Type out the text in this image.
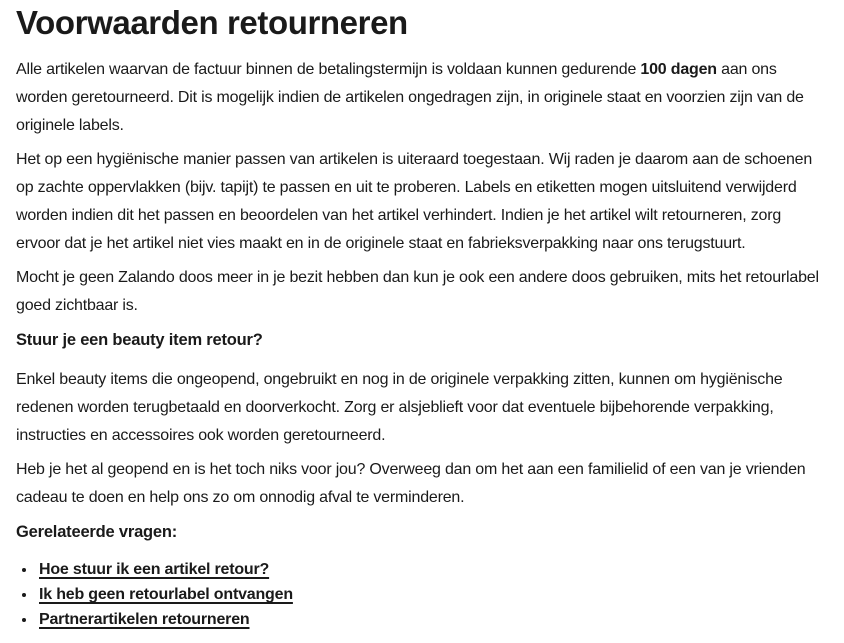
Voorwaarden retourneren

Alle artikelen waarvan de factuur binnen de betalingstermijn is voldaan kunnen gedurende 100 dagen aan ons worden geretourneerd. Dit is mogelijk indien de artikelen ongedragen zijn, in originele staat en voorzien zijn van de originele labels.

Het op een hygiënische manier passen van artikelen is uiteraard toegestaan. Wij raden je daarom aan de schoenen op zachte oppervlakken (bijv. tapijt) te passen en uit te proberen. Labels en etiketten mogen uitsluitend verwijderd worden indien dit het passen en beoordelen van het artikel verhindert. Indien je het artikel wilt retourneren, zorg ervoor dat je het artikel niet vies maakt en in de originele staat en fabrieksverpakking naar ons terugstuurt.

Mocht je geen Zalando doos meer in je bezit hebben dan kun je ook een andere doos gebruiken, mits het retourlabel goed zichtbaar is.

Stuur je een beauty item retour?

Enkel beauty items die ongeopend, ongebruikt en nog in de originele verpakking zitten, kunnen om hygiënische redenen worden terugbetaald en doorverkocht. Zorg er alsjeblieft voor dat eventuele bijbehorende verpakking, instructies en accessoires ook worden geretourneerd.

Heb je het al geopend en is het toch niks voor jou? Overweeg dan om het aan een familielid of een van je vrienden cadeau te doen en help ons zo om onnodig afval te verminderen.

Gerelateerde vragen:
• Hoe stuur ik een artikel retour?
• Ik heb geen retourlabel ontvangen
• Partnerartikelen retourneren
